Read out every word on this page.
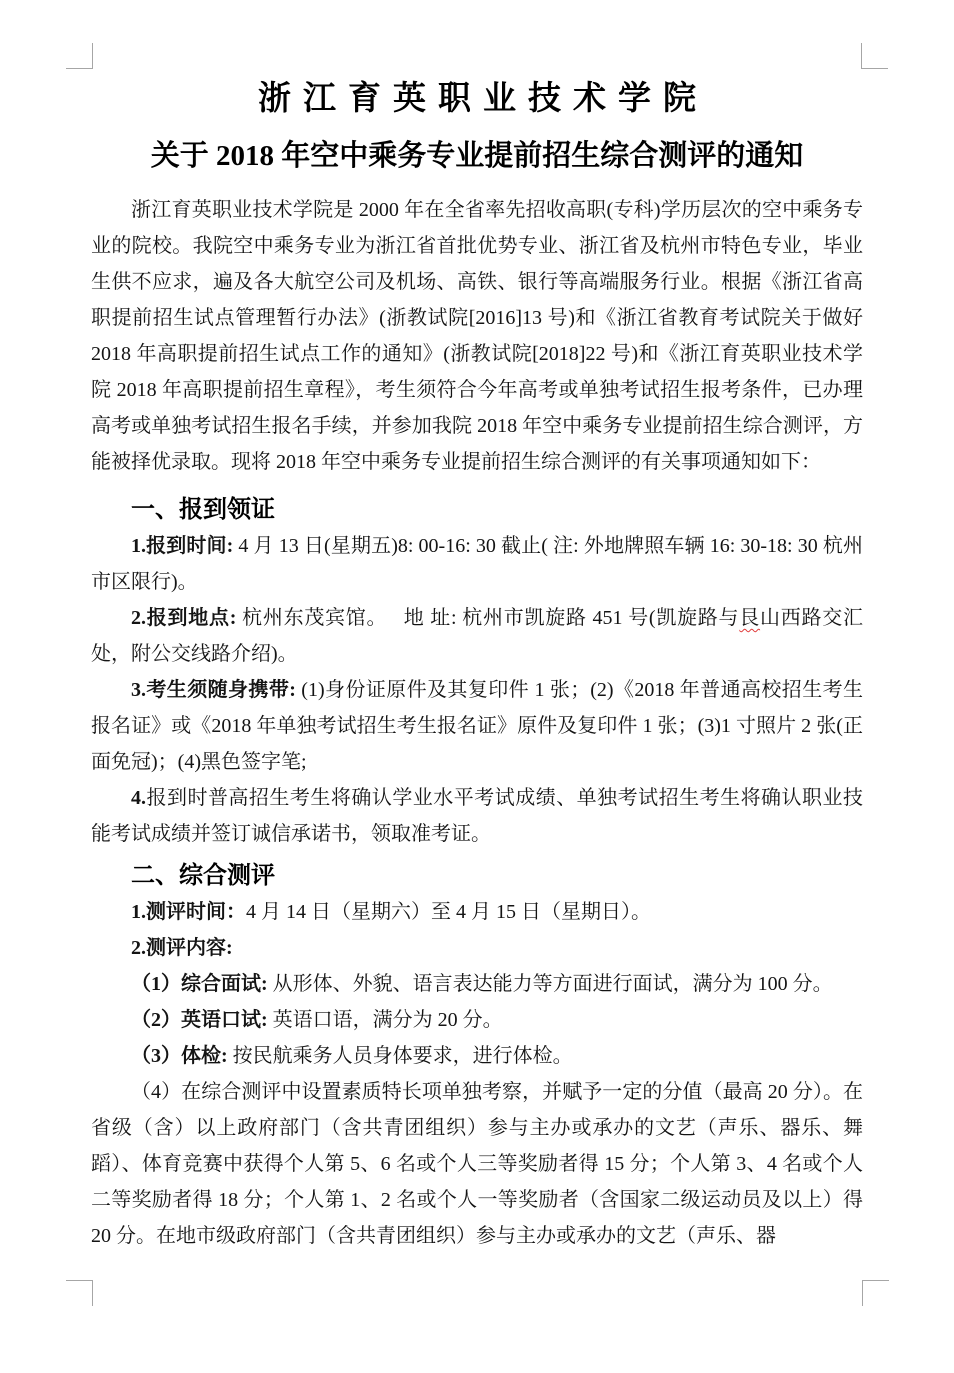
浙江育英职业技术学院
关于 2018 年空中乘务专业提前招生综合测评的通知

浙江育英职业技术学院是 2000 年在全省率先招收高职(专科)学历层次的空中乘务专业的院校。我院空中乘务专业为浙江省首批优势专业、浙江省及杭州市特色专业，毕业生供不应求，遍及各大航空公司及机场、高铁、银行等高端服务行业。根据《浙江省高职提前招生试点管理暂行办法》(浙教试院[2016]13 号)和《浙江省教育考试院关于做好 2018 年高职提前招生试点工作的通知》(浙教试院[2018]22 号)和《浙江育英职业技术学院 2018 年高职提前招生章程》，考生须符合今年高考或单独考试招生报考条件，已办理高考或单独考试招生报名手续，并参加我院 2018 年空中乘务专业提前招生综合测评，方能被择优录取。现将 2018 年空中乘务专业提前招生综合测评的有关事项通知如下：

一、报到领证

1.报到时间: 4 月 13 日(星期五)8: 00-16: 30 截止( 注: 外地牌照车辆 16: 30-18: 30 杭州市区限行)。

2.报到地点: 杭州东茂宾馆。　 地 址: 杭州市凯旋路 451 号(凯旋路与艮山西路交汇处，附公交线路介绍)。

3.考生须随身携带: (1)身份证原件及其复印件 1 张；(2)《2018 年普通高校招生考生报名证》或《2018 年单独考试招生考生报名证》原件及复印件 1 张；(3)1 寸照片 2 张(正面免冠)；(4)黑色签字笔;

4.报到时普高招生考生将确认学业水平考试成绩、单独考试招生考生将确认职业技能考试成绩并签订诚信承诺书，领取准考证。

二、综合测评

1.测评时间：4 月 14 日（星期六）至 4 月 15 日（星期日）。

2.测评内容:

（1）综合面试: 从形体、外貌、语言表达能力等方面进行面试，满分为 100 分。

（2）英语口试: 英语口语，满分为 20 分。

（3）体检: 按民航乘务人员身体要求，进行体检。

（4）在综合测评中设置素质特长项单独考察，并赋予一定的分值（最高 20 分）。在省级（含）以上政府部门（含共青团组织）参与主办或承办的文艺（声乐、器乐、舞蹈）、体育竞赛中获得个人第 5、6 名或个人三等奖励者得 15 分；个人第 3、4 名或个人二等奖励者得 18 分；个人第 1、2 名或个人一等奖励者（含国家二级运动员及以上）得 20 分。在地市级政府部门（含共青团组织）参与主办或承办的文艺（声乐、器
